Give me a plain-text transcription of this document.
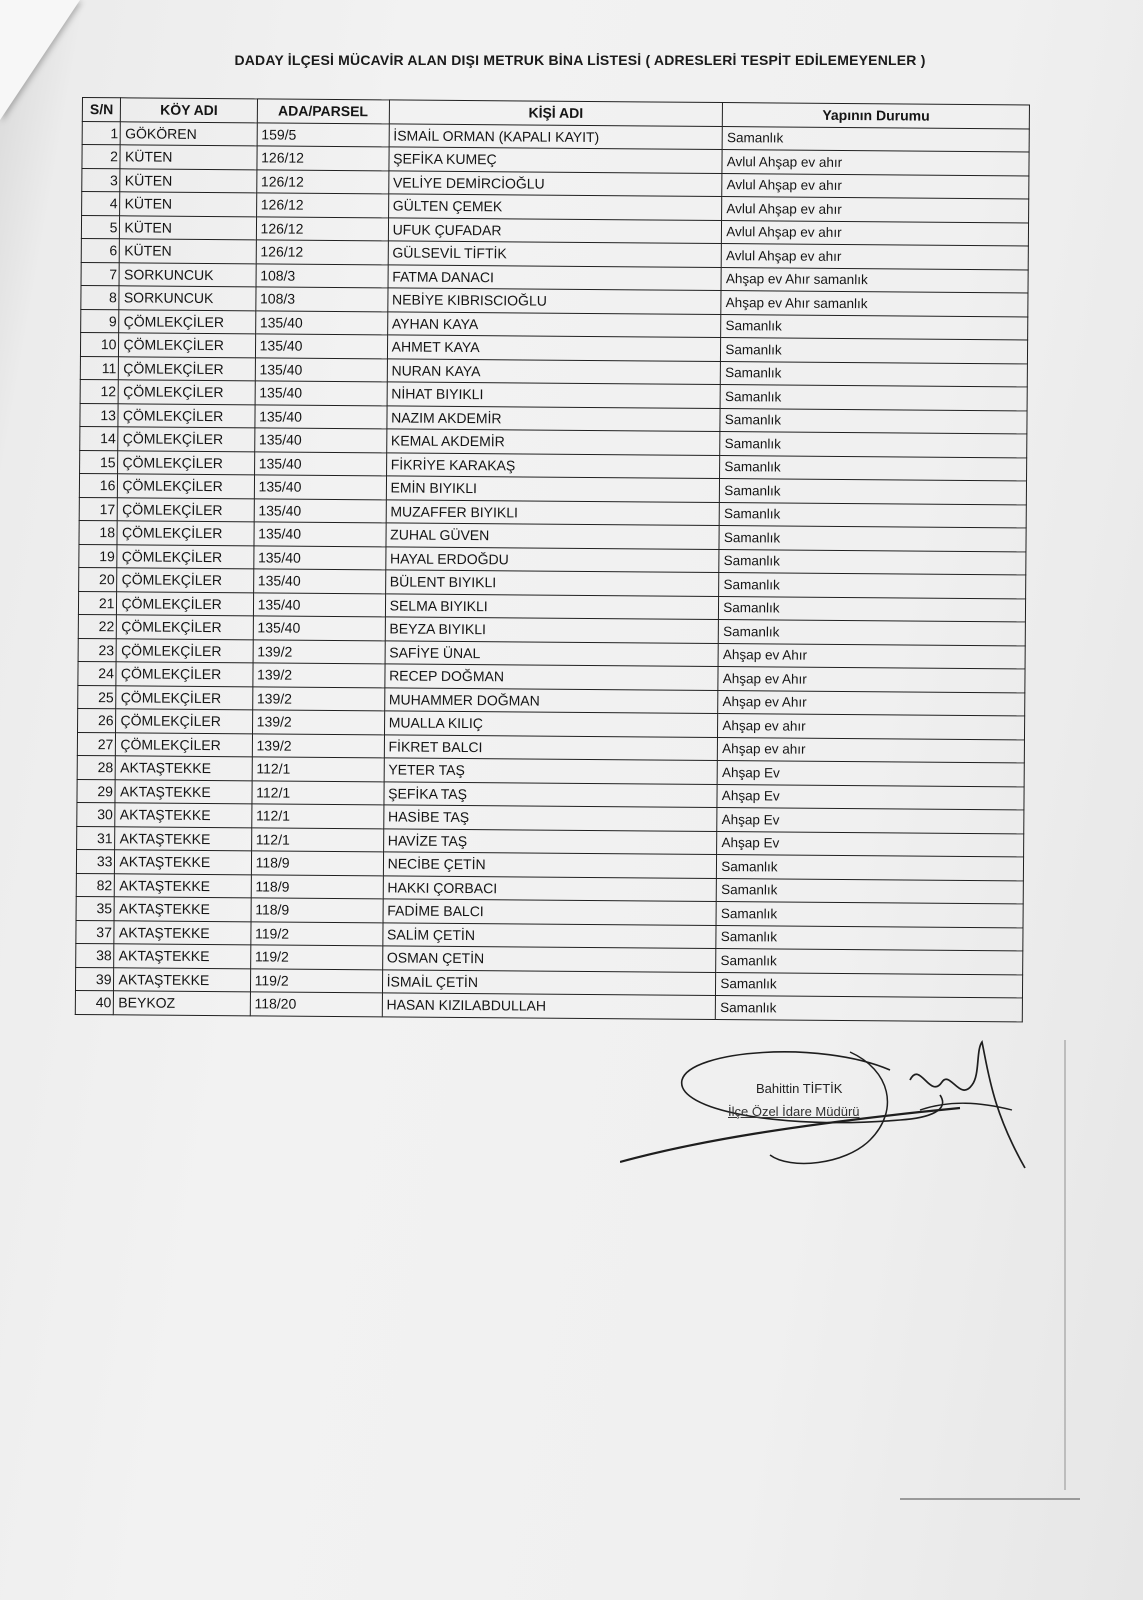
DADAY İLÇESİ MÜCAVİR ALAN DIŞI METRUK BİNA LİSTESİ ( ADRESLERİ TESPİT EDİLEMEYENLER )
S/N	KÖY ADI	ADA/PARSEL	KİŞİ ADI	Yapının Durumu
1	GÖKÖREN	159/5	İSMAİL ORMAN (KAPALI KAYIT)	Samanlık
2	KÜTEN	126/12	ŞEFİKA KUMEÇ	Avlul Ahşap ev ahır
3	KÜTEN	126/12	VELİYE DEMİRCİOĞLU	Avlul Ahşap ev ahır
4	KÜTEN	126/12	GÜLTEN ÇEMEK	Avlul Ahşap ev ahır
5	KÜTEN	126/12	UFUK ÇUFADAR	Avlul Ahşap ev ahır
6	KÜTEN	126/12	GÜLSEVİL TİFTİK	Avlul Ahşap ev ahır
7	SORKUNCUK	108/3	FATMA DANACI	Ahşap ev Ahır samanlık
8	SORKUNCUK	108/3	NEBİYE KIBRISCIOĞLU	Ahşap ev Ahır samanlık
9	ÇÖMLEKÇİLER	135/40	AYHAN KAYA	Samanlık
10	ÇÖMLEKÇİLER	135/40	AHMET KAYA	Samanlık
11	ÇÖMLEKÇİLER	135/40	NURAN KAYA	Samanlık
12	ÇÖMLEKÇİLER	135/40	NİHAT BIYIKLI	Samanlık
13	ÇÖMLEKÇİLER	135/40	NAZIM AKDEMİR	Samanlık
14	ÇÖMLEKÇİLER	135/40	KEMAL AKDEMİR	Samanlık
15	ÇÖMLEKÇİLER	135/40	FİKRİYE KARAKAŞ	Samanlık
16	ÇÖMLEKÇİLER	135/40	EMİN BIYIKLI	Samanlık
17	ÇÖMLEKÇİLER	135/40	MUZAFFER BIYIKLI	Samanlık
18	ÇÖMLEKÇİLER	135/40	ZUHAL GÜVEN	Samanlık
19	ÇÖMLEKÇİLER	135/40	HAYAL ERDOĞDU	Samanlık
20	ÇÖMLEKÇİLER	135/40	BÜLENT BIYIKLI	Samanlık
21	ÇÖMLEKÇİLER	135/40	SELMA BIYIKLI	Samanlık
22	ÇÖMLEKÇİLER	135/40	BEYZA BIYIKLI	Samanlık
23	ÇÖMLEKÇİLER	139/2	SAFİYE ÜNAL	Ahşap ev Ahır
24	ÇÖMLEKÇİLER	139/2	RECEP DOĞMAN	Ahşap ev Ahır
25	ÇÖMLEKÇİLER	139/2	MUHAMMER DOĞMAN	Ahşap ev Ahır
26	ÇÖMLEKÇİLER	139/2	MUALLA KILIÇ	Ahşap ev ahır
27	ÇÖMLEKÇİLER	139/2	FİKRET BALCI	Ahşap ev ahır
28	AKTAŞTEKKE	112/1	YETER TAŞ	Ahşap Ev
29	AKTAŞTEKKE	112/1	ŞEFİKA TAŞ	Ahşap Ev
30	AKTAŞTEKKE	112/1	HASİBE TAŞ	Ahşap Ev
31	AKTAŞTEKKE	112/1	HAVİZE TAŞ	Ahşap Ev
33	AKTAŞTEKKE	118/9	NECİBE ÇETİN	Samanlık
82	AKTAŞTEKKE	118/9	HAKKI ÇORBACI	Samanlık
35	AKTAŞTEKKE	118/9	FADİME BALCI	Samanlık
37	AKTAŞTEKKE	119/2	SALİM ÇETİN	Samanlık
38	AKTAŞTEKKE	119/2	OSMAN ÇETİN	Samanlık
39	AKTAŞTEKKE	119/2	İSMAİL ÇETİN	Samanlık
40	BEYKOZ	118/20	HASAN KIZILABDULLAH	Samanlık
Bahittin TİFTİK
İlçe Özel İdare Müdürü
